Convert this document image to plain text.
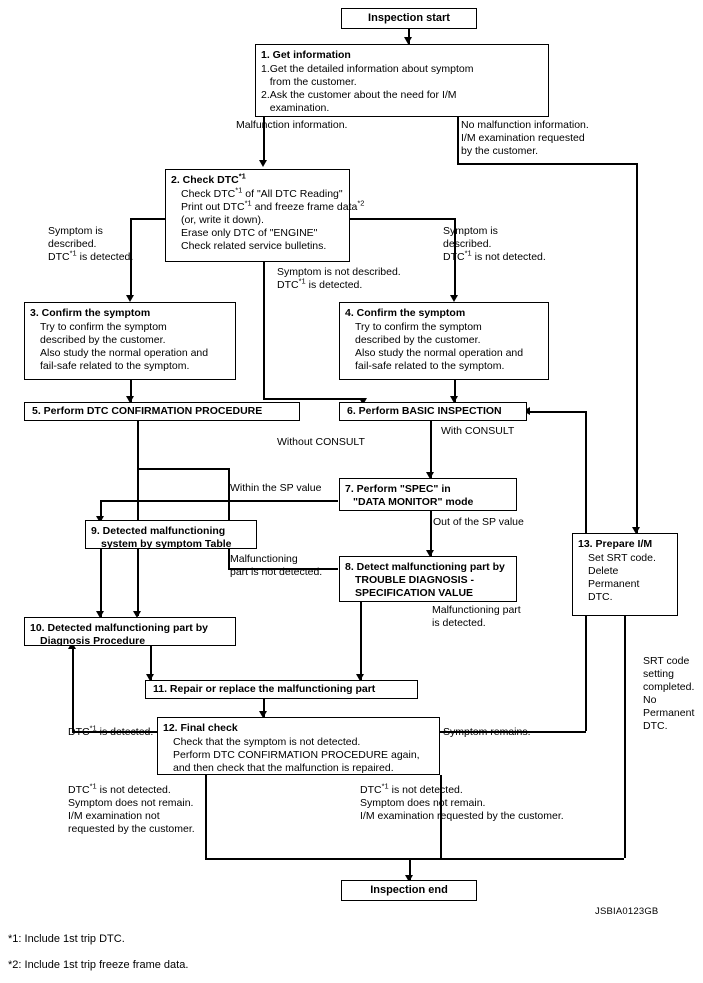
Inspection start
1. Get information
1.Get the detailed information about symptom
from the customer.
2.Ask the customer about the need for I/M
examination.
2. Check DTC$^{*1}$
Check DTC$^{*1}$ of "All DTC Reading"
Print out DTC$^{*1}$ and freeze frame data$^{*2}$
(or, write it down).
Erase only DTC of "ENGINE"
Check related service bulletins.
3. Confirm the symptom
Try to confirm the symptom
described by the customer.
Also study the normal operation and
fail-safe related to the symptom.
4. Confirm the symptom
Try to confirm the symptom
described by the customer.
Also study the normal operation and
fail-safe related to the symptom.
5. Perform DTC CONFIRMATION PROCEDURE	6. Perform BASIC INSPECTION
7. Perform "SPEC" in
"DATA MONITOR" mode
8. Detect malfunctioning part by
TROUBLE DIAGNOSIS -
SPECIFICATION VALUE
9. Detected malfunctioning
system by symptom Table
10. Detected malfunctioning part by
Diagnosis Procedure
11. Repair or replace the malfunctioning part
12. Final check
Check that the symptom is not detected.
Perform DTC CONFIRMATION PROCEDURE again,
and then check that the malfunction is repaired.
13. Prepare I/M
Set SRT code.
Delete
Permanent
DTC.
Inspection end
Malfunction information.	No malfunction information.
I/M examination requested
by the customer.
Symptom is
described.
DTC$^{*1}$ is detected.
Symptom is
described.
DTC$^{*1}$ is not detected.
Symptom is not described.
DTC$^{*1}$ is detected.
Without CONSULT
With CONSULT
Within the SP value
Out of the SP value
Malfunctioning
part is not detected.
Malfunctioning part
is detected.
DTC$^{*1}$ is detected.	Symptom remains.
SRT code
setting
completed.
No
Permanent
DTC.
DTC$^{*1}$ is not detected.
Symptom does not remain.
I/M examination not
requested by the customer.
DTC$^{*1}$ is not detected.
Symptom does not remain.
I/M examination requested by the customer.
JSBIA0123GB
*1: Include 1st trip DTC.
*2: Include 1st trip freeze frame data.
